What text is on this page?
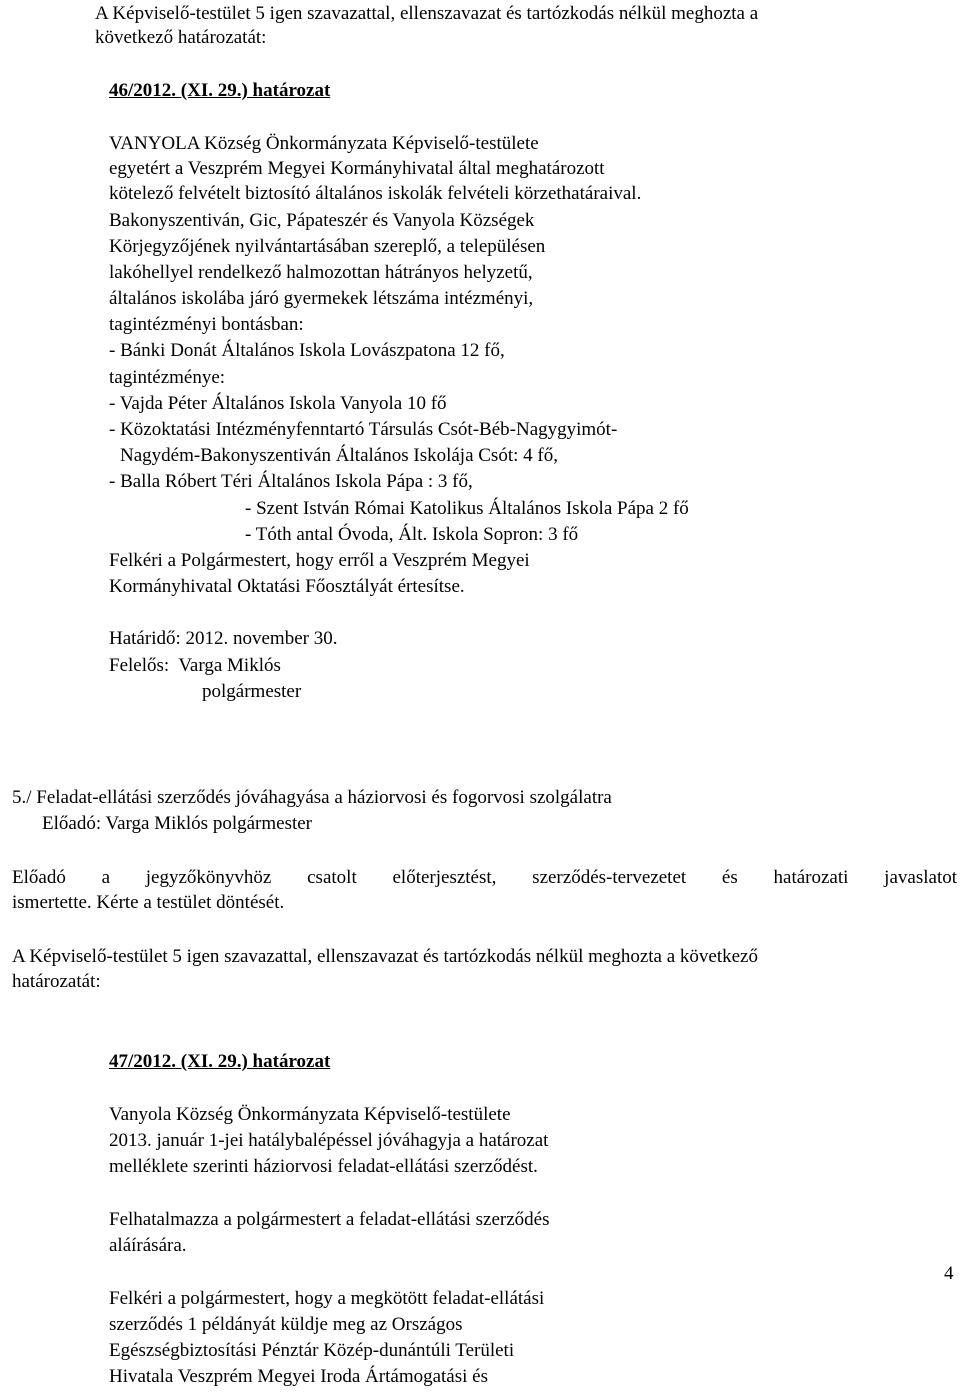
A Képviselő-testület 5 igen szavazattal, ellenszavazat és tartózkodás nélkül meghozta a
következő határozatát:
46/2012. (XI. 29.) határozat
VANYOLA Község Önkormányzata Képviselő-testülete
egyetért a Veszprém Megyei Kormányhivatal által meghatározott
kötelező felvételt biztosító általános iskolák felvételi körzethatáraival.
Bakonyszentiván, Gic, Pápateszér és Vanyola Községek
Körjegyzőjének nyilvántartásában szereplő, a településen
lakóhellyel rendelkező halmozottan hátrányos helyzetű,
általános iskolába járó gyermekek létszáma intézményi,
tagintézményi bontásban:
- Bánki Donát Általános Iskola Lovászpatona 12 fő,
tagintézménye:
- Vajda Péter Általános Iskola Vanyola 10 fő
- Közoktatási Intézményfenntartó Társulás Csót-Béb-Nagygyimót-
Nagydém-Bakonyszentiván Általános Iskolája Csót: 4 fő,
- Balla Róbert Téri Általános Iskola Pápa : 3 fő,
- Szent István Római Katolikus Általános Iskola Pápa 2 fő
- Tóth antal Óvoda, Ált. Iskola Sopron: 3 fő
Felkéri a Polgármestert, hogy erről a Veszprém Megyei
Kormányhivatal Oktatási Főosztályát értesítse.
Határidő: 2012. november 30.
Felelős:  Varga Miklós
polgármester
5./ Feladat-ellátási szerződés jóváhagyása a háziorvosi és fogorvosi szolgálatra
Előadó: Varga Miklós polgármester
Előadó a jegyzőkönyvhöz csatolt előterjesztést, szerződés-tervezetet és határozati javaslatot
ismertette. Kérte a testület döntését.
A Képviselő-testület 5 igen szavazattal, ellenszavazat és tartózkodás nélkül meghozta a következő
határozatát:
47/2012. (XI. 29.) határozat
Vanyola Község Önkormányzata Képviselő-testülete
2013. január 1-jei hatálybalépéssel jóváhagyja a határozat
melléklete szerinti háziorvosi feladat-ellátási szerződést.
Felhatalmazza a polgármestert a feladat-ellátási szerződés
aláírására.
Felkéri a polgármestert, hogy a megkötött feladat-ellátási
szerződés 1 példányát küldje meg az Országos
Egészségbiztosítási Pénztár Közép-dunántúli Területi
Hivatala Veszprém Megyei Iroda Ártámogatási és
4
